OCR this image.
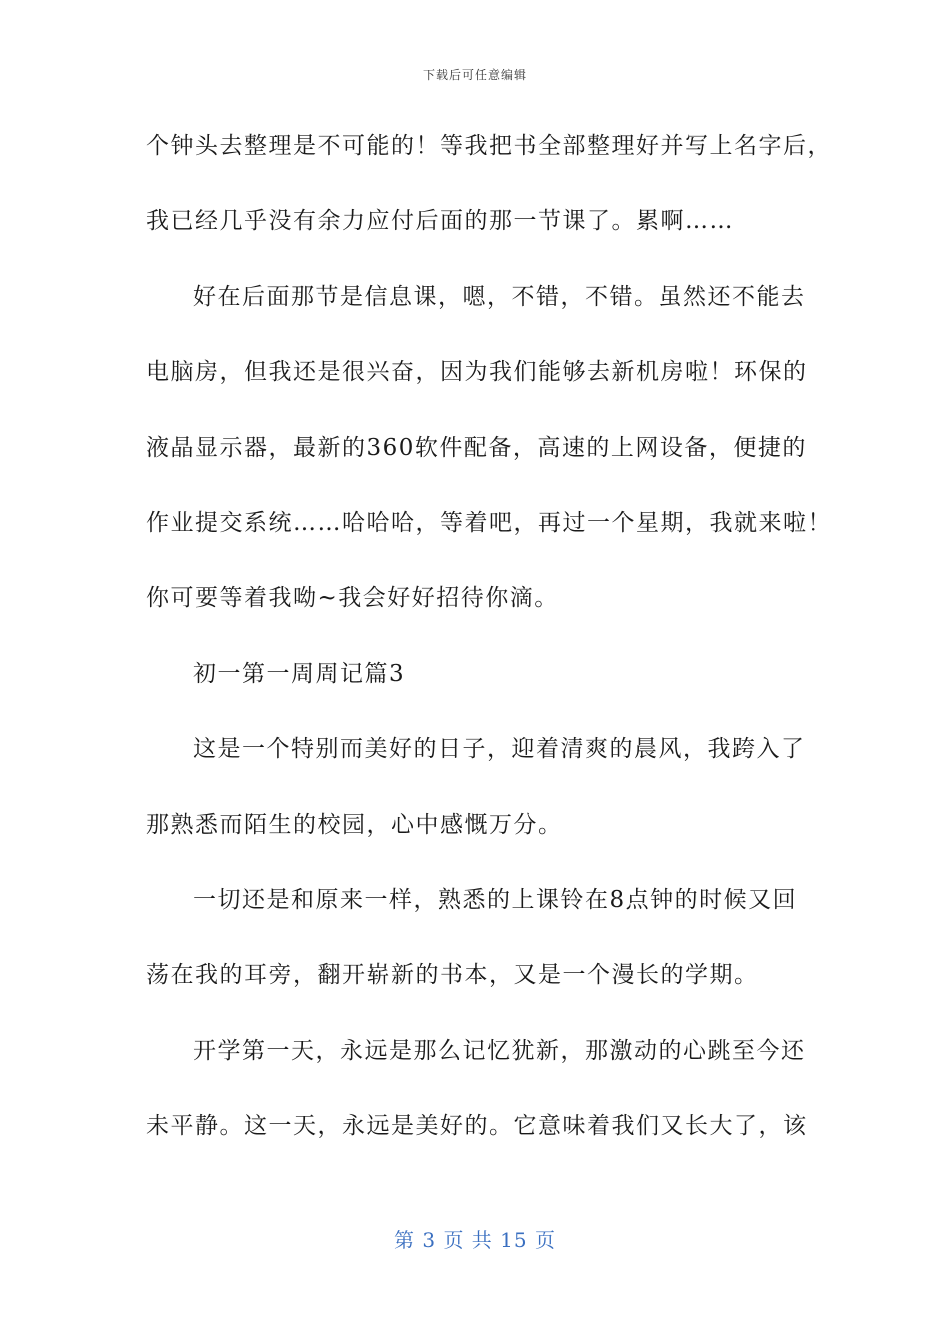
下载后可任意编辑
个钟头去整理是不可能的！等我把书全部整理好并写上名字后，
我已经几乎没有余力应付后面的那一节课了。累啊……
好在后面那节是信息课，嗯，不错，不错。虽然还不能去
电脑房，但我还是很兴奋，因为我们能够去新机房啦！环保的
液晶显示器，最新的360软件配备，高速的上网设备，便捷的
作业提交系统……哈哈哈，等着吧，再过一个星期，我就来啦！
你可要等着我呦~我会好好招待你滴。
初一第一周周记篇3
这是一个特别而美好的日子，迎着清爽的晨风，我跨入了
那熟悉而陌生的校园，心中感慨万分。
一切还是和原来一样，熟悉的上课铃在8点钟的时候又回
荡在我的耳旁，翻开崭新的书本，又是一个漫长的学期。
开学第一天，永远是那么记忆犹新，那激动的心跳至今还
未平静。这一天，永远是美好的。它意味着我们又长大了，该
第 3 页 共 15 页
